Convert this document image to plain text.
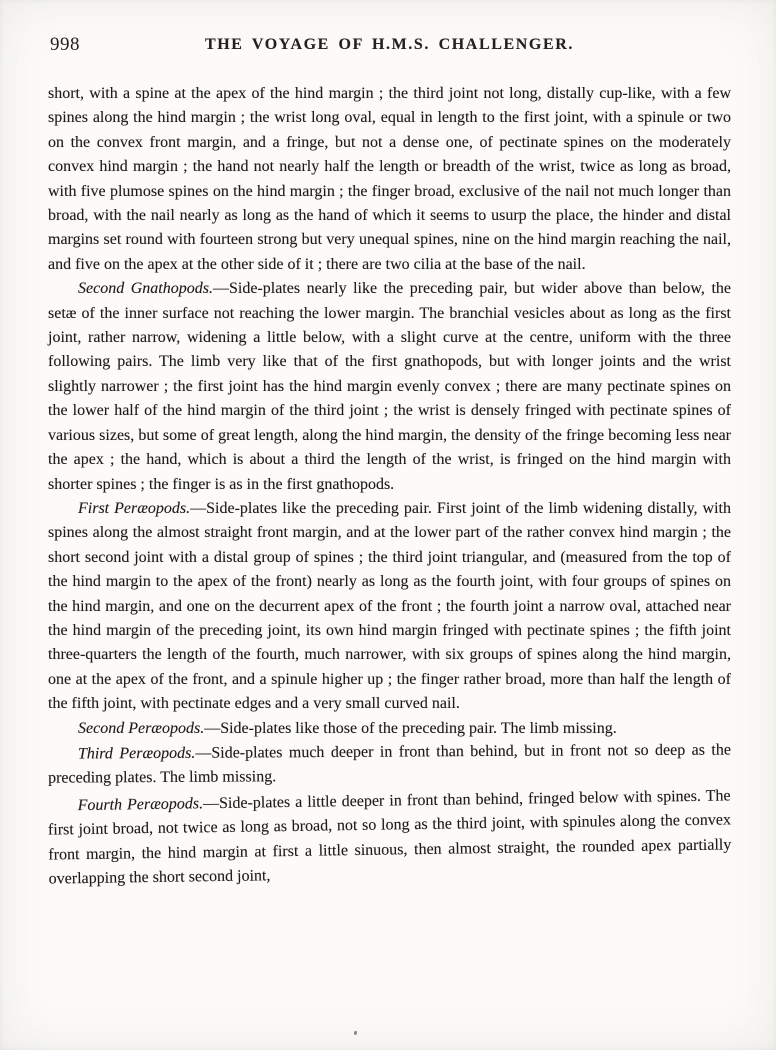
998	THE VOYAGE OF H.M.S. CHALLENGER.

short, with a spine at the apex of the hind margin ; the third joint not long, distally cup-like, with a few spines along the hind margin ; the wrist long oval, equal in length to the first joint, with a spinule or two on the convex front margin, and a fringe, but not a dense one, of pectinate spines on the moderately convex hind margin ; the hand not nearly half the length or breadth of the wrist, twice as long as broad, with five plumose spines on the hind margin ; the finger broad, exclusive of the nail not much longer than broad, with the nail nearly as long as the hand of which it seems to usurp the place, the hinder and distal margins set round with fourteen strong but very unequal spines, nine on the hind margin reaching the nail, and five on the apex at the other side of it ; there are two cilia at the base of the nail.

Second Gnathopods.—Side-plates nearly like the preceding pair, but wider above than below, the setæ of the inner surface not reaching the lower margin. The branchial vesicles about as long as the first joint, rather narrow, widening a little below, with a slight curve at the centre, uniform with the three following pairs. The limb very like that of the first gnathopods, but with longer joints and the wrist slightly narrower ; the first joint has the hind margin evenly convex ; there are many pectinate spines on the lower half of the hind margin of the third joint ; the wrist is densely fringed with pectinate spines of various sizes, but some of great length, along the hind margin, the density of the fringe becoming less near the apex ; the hand, which is about a third the length of the wrist, is fringed on the hind margin with shorter spines ; the finger is as in the first gnathopods.

First Peræopods.—Side-plates like the preceding pair. First joint of the limb widening distally, with spines along the almost straight front margin, and at the lower part of the rather convex hind margin ; the short second joint with a distal group of spines ; the third joint triangular, and (measured from the top of the hind margin to the apex of the front) nearly as long as the fourth joint, with four groups of spines on the hind margin, and one on the decurrent apex of the front ; the fourth joint a narrow oval, attached near the hind margin of the preceding joint, its own hind margin fringed with pectinate spines ; the fifth joint three-quarters the length of the fourth, much narrower, with six groups of spines along the hind margin, one at the apex of the front, and a spinule higher up ; the finger rather broad, more than half the length of the fifth joint, with pectinate edges and a very small curved nail.

Second Peræopods.—Side-plates like those of the preceding pair. The limb missing.

Third Peræopods.—Side-plates much deeper in front than behind, but in front not so deep as the preceding plates. The limb missing.

Fourth Peræopods.—Side-plates a little deeper in front than behind, fringed below with spines. The first joint broad, not twice as long as broad, not so long as the third joint, with spinules along the convex front margin, the hind margin at first a little sinuous, then almost straight, the rounded apex partially overlapping the short second joint,
